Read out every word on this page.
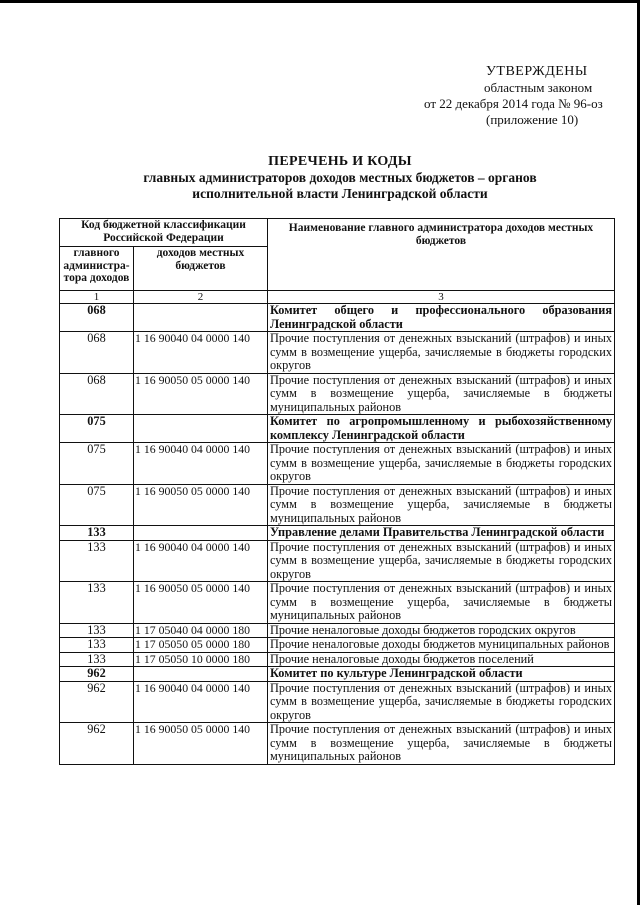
УТВЕРЖДЕНЫ
областным законом
от 22 декабря 2014 года № 96-оз
(приложение 10)
ПЕРЕЧЕНЬ И КОДЫ
главных администраторов доходов местных бюджетов – органов
исполнительной власти Ленинградской области
Код бюджетной классификации Российской Федерации		Наименование главного администратора доходов местных бюджетов
главного администра-тора доходов	доходов местных бюджетов	
1	2	3
068		Комитет общего и профессионального образования Ленинградской области
068	1 16 90040 04 0000 140	Прочие поступления от денежных взысканий (штрафов) и иных сумм в возмещение ущерба, зачисляемые в бюджеты городских округов
068	1 16 90050 05 0000 140	Прочие поступления от денежных взысканий (штрафов) и иных сумм в возмещение ущерба, зачисляемые в бюджеты муниципальных районов
075		Комитет по агропромышленному и рыбохозяйственному комплексу Ленинградской области
075	1 16 90040 04 0000 140	Прочие поступления от денежных взысканий (штрафов) и иных сумм в возмещение ущерба, зачисляемые в бюджеты городских округов
075	1 16 90050 05 0000 140	Прочие поступления от денежных взысканий (штрафов) и иных сумм в возмещение ущерба, зачисляемые в бюджеты муниципальных районов
133		Управление делами Правительства Ленинградской области
133	1 16 90040 04 0000 140	Прочие поступления от денежных взысканий (штрафов) и иных сумм в возмещение ущерба, зачисляемые в бюджеты городских округов
133	1 16 90050 05 0000 140	Прочие поступления от денежных взысканий (штрафов) и иных сумм в возмещение ущерба, зачисляемые в бюджеты муниципальных районов
133	1 17 05040 04 0000 180	Прочие неналоговые доходы бюджетов городских округов
133	1 17 05050 05 0000 180	Прочие неналоговые доходы бюджетов муниципальных районов
133	1 17 05050 10 0000 180	Прочие неналоговые доходы бюджетов поселений
962		Комитет по культуре Ленинградской области
962	1 16 90040 04 0000 140	Прочие поступления от денежных взысканий (штрафов) и иных сумм в возмещение ущерба, зачисляемые в бюджеты городских округов
962	1 16 90050 05 0000 140	Прочие поступления от денежных взысканий (штрафов) и иных сумм в возмещение ущерба, зачисляемые в бюджеты муниципальных районов
